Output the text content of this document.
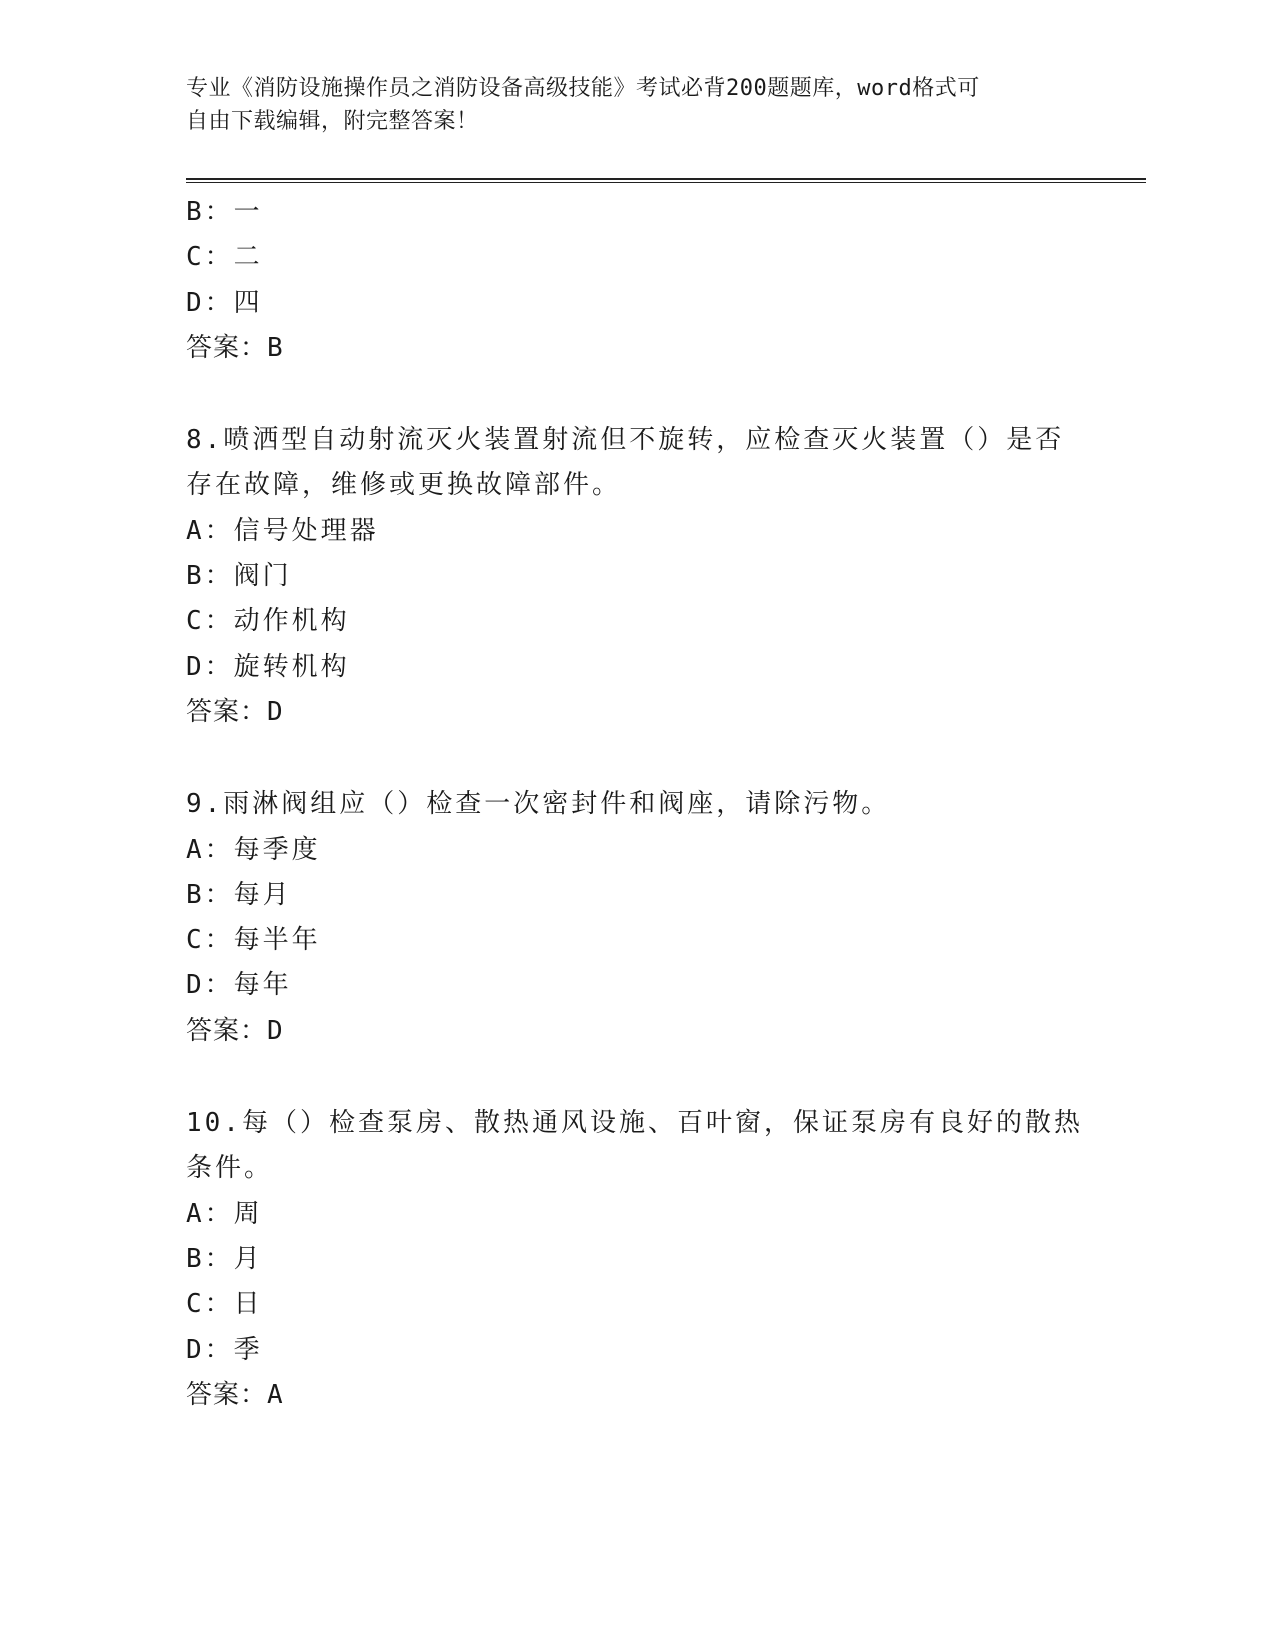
专业《消防设施操作员之消防设备高级技能》考试必背200题题库，word格式可
自由下载编辑，附完整答案！
B：一
C：二
D：四
答案：B
8.喷洒型自动射流灭火装置射流但不旋转，应检查灭火装置（）是否
存在故障，维修或更换故障部件。
A：信号处理器
B：阀门
C：动作机构
D：旋转机构
答案：D
9.雨淋阀组应（）检查一次密封件和阀座，请除污物。
A：每季度
B：每月
C：每半年
D：每年
答案：D
10.每（）检查泵房、散热通风设施、百叶窗，保证泵房有良好的散热
条件。
A：周
B：月
C：日
D：季
答案：A
